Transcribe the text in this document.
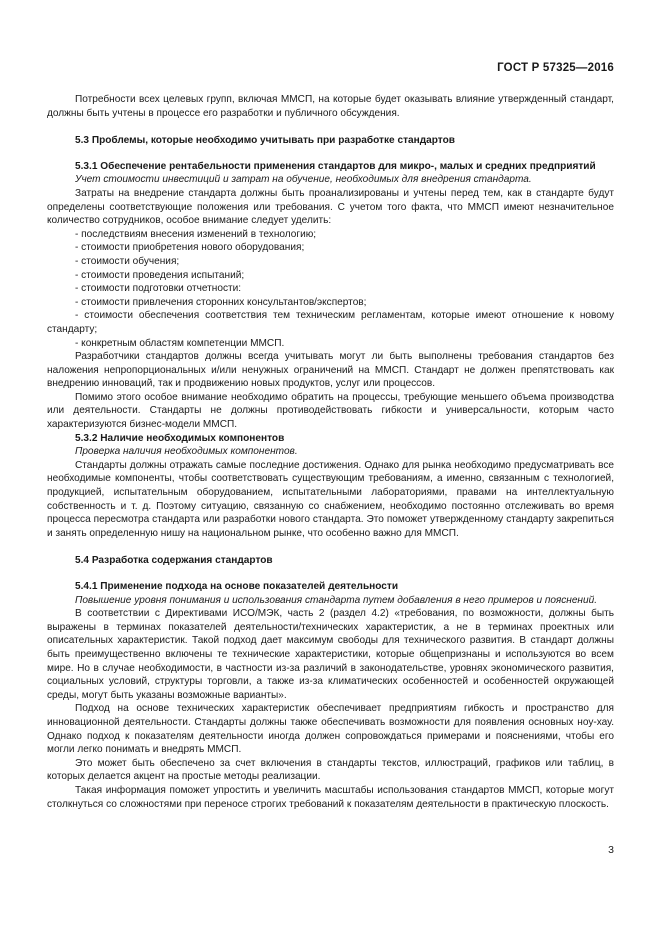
ГОСТ Р 57325—2016

Потребности всех целевых групп, включая ММСП, на которые будет оказывать влияние утвержденный стандарт, должны быть учтены в процессе его разработки и публичного обсуждения.

5.3 Проблемы, которые необходимо учитывать при разработке стандартов
5.3.1 Обеспечение рентабельности применения стандартов для микро-, малых и средних предприятий

Учет стоимости инвестиций и затрат на обучение, необходимых для внедрения стандарта.

Затраты на внедрение стандарта должны быть проанализированы и учтены перед тем, как в стандарте будут определены соответствующие положения или требования. С учетом того факта, что ММСП имеют незначительное количество сотрудников, особое внимание следует уделить:

- последствиям внесения изменений в технологию;

- стоимости приобретения нового оборудования;

- стоимости обучения;

- стоимости проведения испытаний;

- стоимости подготовки отчетности:

- стоимости привлечения сторонних консультантов/экспертов;

- стоимости обеспечения соответствия тем техническим регламентам, которые имеют отношение к новому стандарту;

- конкретным областям компетенции ММСП.

Разработчики стандартов должны всегда учитывать могут ли быть выполнены требования стандартов без наложения непропорциональных и/или ненужных ограничений на ММСП. Стандарт не должен препятствовать как внедрению инноваций, так и продвижению новых продуктов, услуг или процессов.

Помимо этого особое внимание необходимо обратить на процессы, требующие меньшего объема производства или деятельности. Стандарты не должны противодействовать гибкости и универсальности, которым часто характеризуются бизнес-модели ММСП.

5.3.2 Наличие необходимых компонентов

Проверка наличия необходимых компонентов.

Стандарты должны отражать самые последние достижения. Однако для рынка необходимо предусматривать все необходимые компоненты, чтобы соответствовать существующим требованиям, а именно, связанным с технологией, продукцией, испытательным оборудованием, испытательными лабораториями, правами на интеллектуальную собственность и т. д. Поэтому ситуацию, связанную со снабжением, необходимо постоянно отслеживать во время процесса пересмотра стандарта или разработки нового стандарта. Это поможет утвержденному стандарту закрепиться и занять определенную нишу на национальном рынке, что особенно важно для ММСП.

5.4 Разработка содержания стандартов
5.4.1 Применение подхода на основе показателей деятельности

Повышение уровня понимания и использования стандарта путем добавления в него примеров и пояснений.

В соответствии с Директивами ИСО/МЭК, часть 2 (раздел 4.2) «требования, по возможности, должны быть выражены в терминах показателей деятельности/технических характеристик, а не в терминах проектных или описательных характеристик. Такой подход дает максимум свободы для технического развития. В стандарт должны быть преимущественно включены те технические характеристики, которые общепризнаны и используются во всем мире. Но в случае необходимости, в частности из-за различий в законодательстве, уровнях экономического развития, социальных условий, структуры торговли, а также из-за климатических особенностей и особенностей окружающей среды, могут быть указаны возможные варианты».

Подход на основе технических характеристик обеспечивает предприятиям гибкость и пространство для инновационной деятельности. Стандарты должны также обеспечивать возможности для появления основных ноу-хау. Однако подход к показателям деятельности иногда должен сопровождаться примерами и пояснениями, чтобы его могли легко понимать и внедрять ММСП.

Это может быть обеспечено за счет включения в стандарты текстов, иллюстраций, графиков или таблиц, в которых делается акцент на простые методы реализации.

Такая информация поможет упростить и увеличить масштабы использования стандартов ММСП, которые могут столкнуться со сложностями при переносе строгих требований к показателям деятельности в практическую плоскость.

3
